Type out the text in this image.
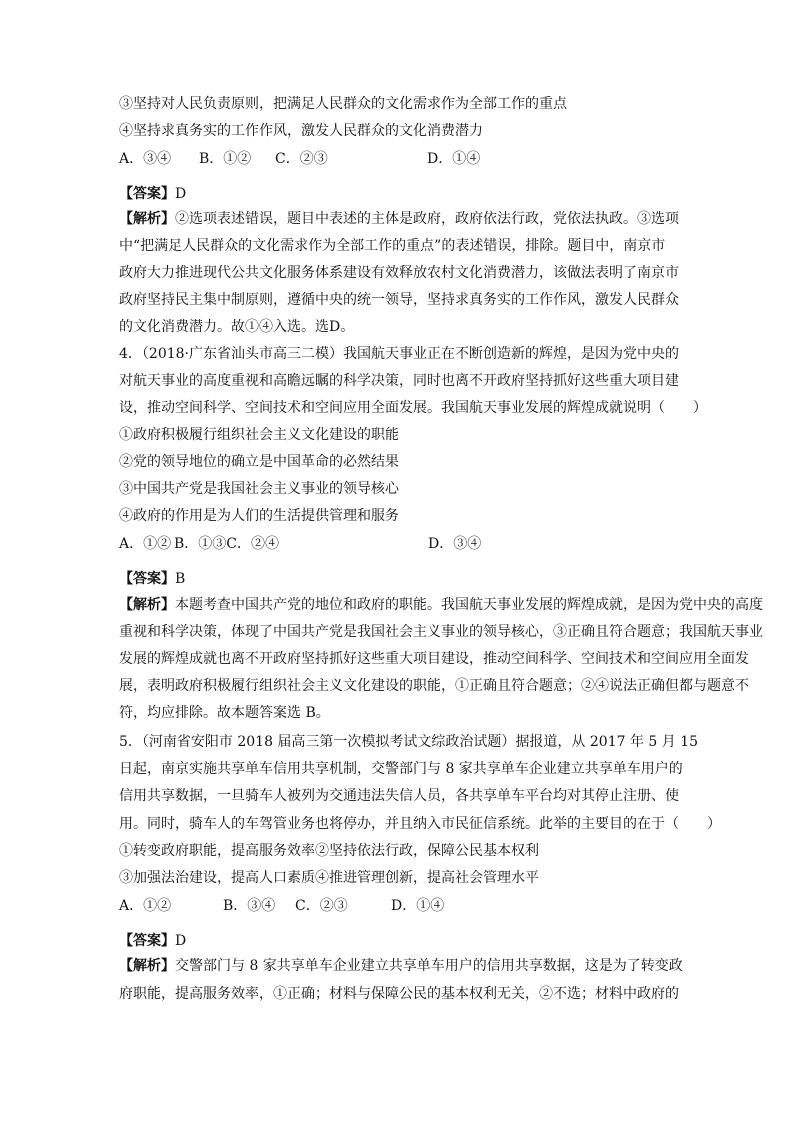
③坚持对人民负责原则，把满足人民群众的文化需求作为全部工作的重点
④坚持求真务实的工作作风，激发人民群众的文化消费潜力
A．③④ B．①② C．②③	D．①④
【答案】D
【解析】②选项表述错误，题目中表述的主体是政府，政府依法行政，党依法执政。③选项
中“把满足人民群众的文化需求作为全部工作的重点”的表述错误，排除。题目中，南京市
政府大力推进现代公共文化服务体系建设有效释放农村文化消费潜力，该做法表明了南京市
政府坚持民主集中制原则，遵循中央的统一领导，坚持求真务实的工作作风，激发人民群众
的文化消费潜力。故①④入选。选D。
4．（2018·广东省汕头市高三二模）我国航天事业正在不断创造新的辉煌，是因为党中央的
对航天事业的高度重视和高瞻远瞩的科学决策，同时也离不开政府坚持抓好这些重大项目建
设，推动空间科学、空间技术和空间应用全面发展。我国航天事业发展的辉煌成就说明（　　）
①政府积极履行组织社会主义文化建设的职能
②党的领导地位的确立是中国革命的必然结果
③中国共产党是我国社会主义事业的领导核心
④政府的作用是为人们的生活提供管理和服务
A．①② B．①③C．②④	D．③④
【答案】B
【解析】本题考查中国共产党的地位和政府的职能。我国航天事业发展的辉煌成就，是因为党中央的高度
重视和科学决策，体现了中国共产党是我国社会主义事业的领导核心，③正确且符合题意；我国航天事业
发展的辉煌成就也离不开政府坚持抓好这些重大项目建设，推动空间科学、空间技术和空间应用全面发
展，表明政府积极履行组织社会主义文化建设的职能，①正确且符合题意；②④说法正确但都与题意不
符，均应排除。故本题答案选 B。
5．（河南省安阳市 2018 届高三第一次模拟考试文综政治试题）据报道，从 2017 年 5 月 15
日起，南京实施共享单车信用共享机制，交警部门与 8 家共享单车企业建立共享单车用户的
信用共享数据，一旦骑车人被列为交通违法失信人员，各共享单车平台均对其停止注册、使
用。同时，骑车人的车驾管业务也将停办，并且纳入市民征信系统。此举的主要目的在于（　　）
①转变政府职能，提高服务效率②坚持依法行政，保障公民基本权利
③加强法治建设，提高人口素质④推进管理创新，提高社会管理水平
A．①②	B．③④ C．②③	D．①④
【答案】D
【解析】交警部门与 8 家共享单车企业建立共享单车用户的信用共享数据，这是为了转变政
府职能，提高服务效率，①正确；材料与保障公民的基本权利无关，②不选；材料中政府的
